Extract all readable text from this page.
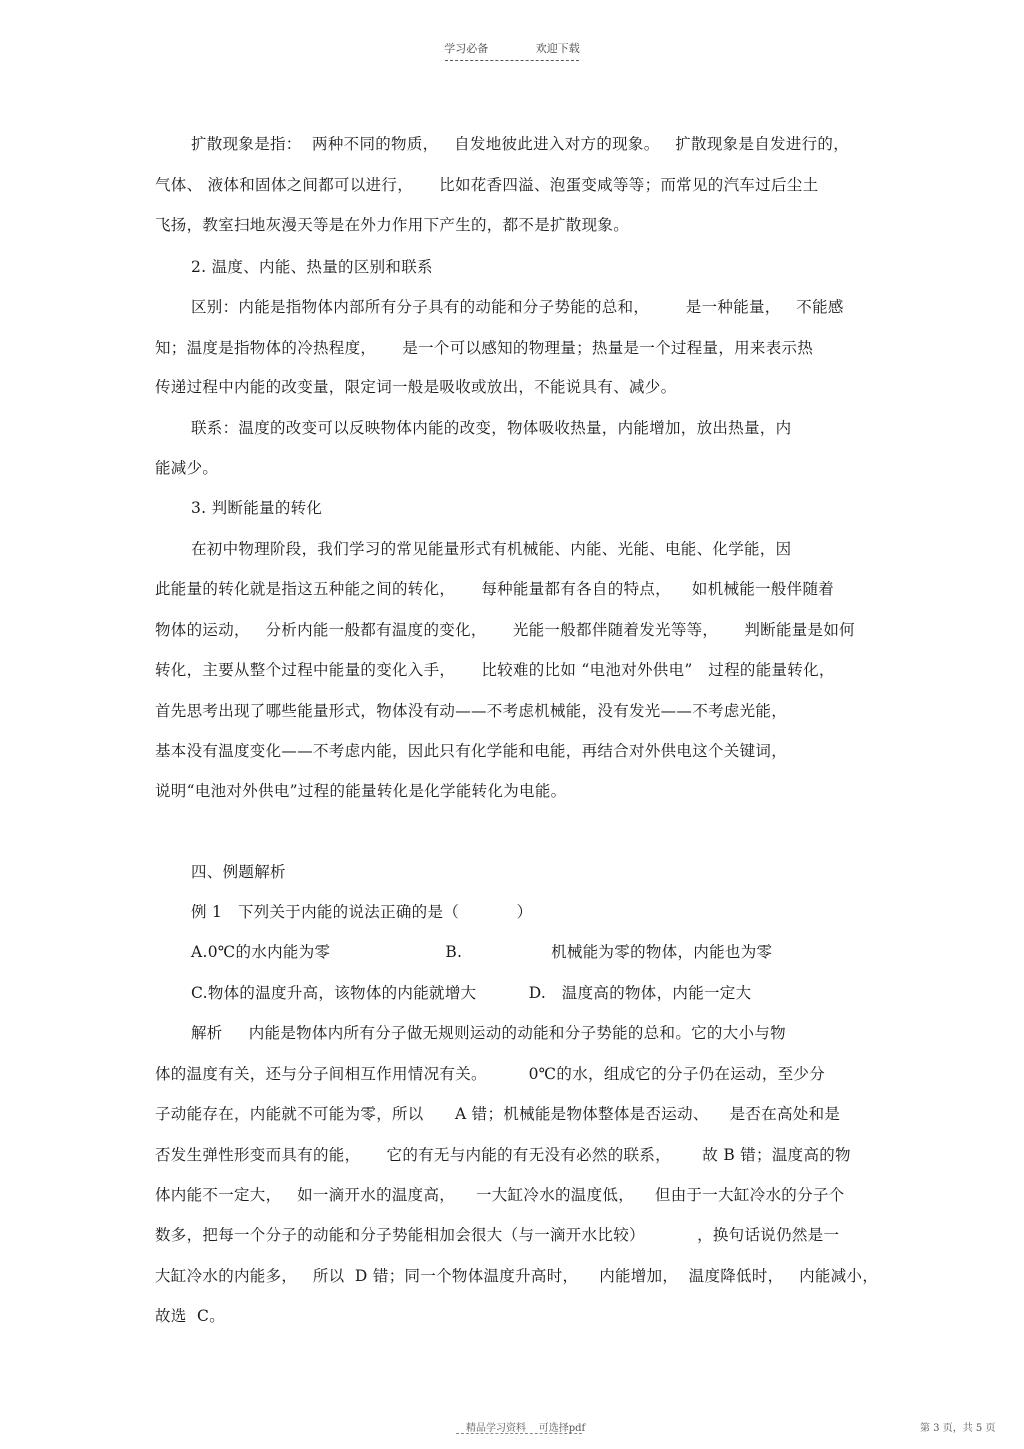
学习必备	欢迎下载
扩散现象是指：  两种不同的物质，   自发地彼此进入对方的现象。   扩散现象是自发进行的，
气体、 液体和固体之间都可以进行，     比如花香四溢、泡蛋变咸等等；而常见的汽车过后尘土
飞扬，教室扫地灰漫天等是在外力作用下产生的，都不是扩散现象。
2. 温度、内能、热量的区别和联系
区别：内能是指物体内部所有分子具有的动能和分子势能的总和，       是一种能量，   不能感
知；温度是指物体的冷热程度，     是一个可以感知的物理量；热量是一个过程量，用来表示热
传递过程中内能的改变量，限定词一般是吸收或放出，不能说具有、减少。
联系：温度的改变可以反映物体内能的改变，物体吸收热量，内能增加，放出热量，内
能减少。
3. 判断能量的转化
在初中物理阶段，我们学习的常见能量形式有机械能、内能、光能、电能、化学能，因
此能量的转化就是指这五种能之间的转化，     每种能量都有各自的特点，    如机械能一般伴随着
物体的运动，   分析内能一般都有温度的变化，     光能一般都伴随着发光等等，     判断能量是如何
转化，主要从整个过程中能量的变化入手，     比较难的比如 “电池对外供电”   过程的能量转化，
首先思考出现了哪些能量形式，物体没有动——不考虑机械能，没有发光——不考虑光能，
基本没有温度变化——不考虑内能，因此只有化学能和电能，再结合对外供电这个关键词，
说明“电池对外供电”过程的能量转化是化学能转化为电能。
四、例题解析
例 1   下列关于内能的说法正确的是（           ）
A.0℃的水内能为零                      B.                 机械能为零的物体，内能也为零
C.物体的温度升高，该物体的内能就增大          D.   温度高的物体，内能一定大
解析     内能是物体内所有分子做无规则运动的动能和分子势能的总和。它的大小与物
体的温度有关，还与分子间相互作用情况有关。        0℃的水，组成它的分子仍在运动，至少分
子动能存在，内能就不可能为零，所以      A 错；机械能是物体整体是否运动、    是否在高处和是
否发生弹性形变而具有的能，     它的有无与内能的有无没有必然的联系，      故 B 错；温度高的物
体内能不一定大，   如一滴开水的温度高，    一大缸冷水的温度低，    但由于一大缸冷水的分子个
数多，把每一个分子的动能和分子势能相加会很大（与一滴开水比较）          ，换句话说仍然是一
大缸冷水的内能多，   所以  D 错；同一个物体温度升高时，    内能增加，  温度降低时，   内能减小，
故选  C。
精品学习资料    可选择pdf	第 3 页，共 5 页
